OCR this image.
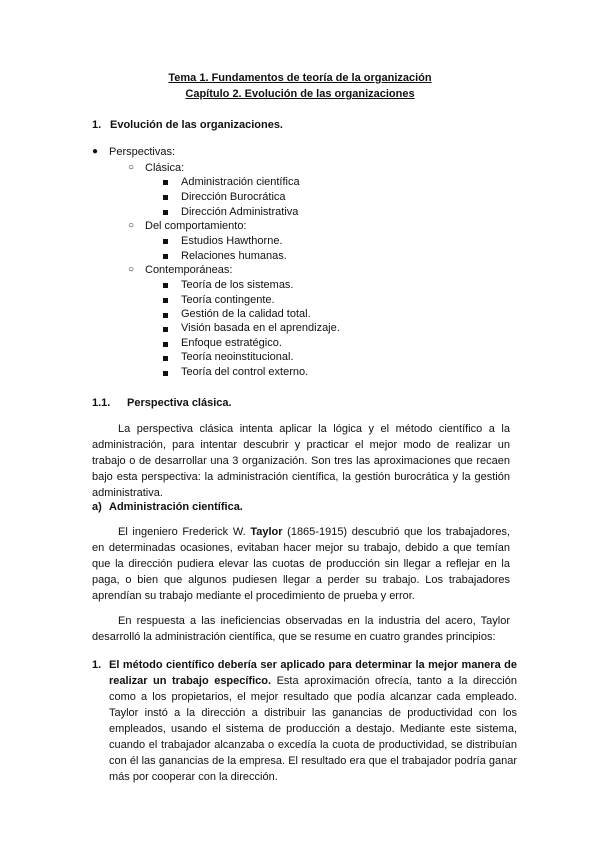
Tema 1. Fundamentos de teoría de la organización
Capítulo 2. Evolución de las organizaciones
1. Evolución de las organizaciones.
● Perspectivas:
○ Clásica:
Administración científica
Dirección Burocrática
Dirección Administrativa
○ Del comportamiento:
Estudios Hawthorne.
Relaciones humanas.
○ Contemporáneas:
Teoría de los sistemas.
Teoría contingente.
Gestión de la calidad total.
Visión basada en el aprendizaje.
Enfoque estratégico.
Teoría neoinstitucional.
Teoría del control externo.
1.1. Perspectiva clásica.
La perspectiva clásica intenta aplicar la lógica y el método científico a la administración, para intentar descubrir y practicar el mejor modo de realizar un trabajo o de desarrollar una 3 organización. Son tres las aproximaciones que recaen bajo esta perspectiva: la administración científica, la gestión burocrática y la gestión administrativa.
a) Administración científica.
El ingeniero Frederick W. Taylor (1865-1915) descubrió que los trabajadores, en determinadas ocasiones, evitaban hacer mejor su trabajo, debido a que temían que la dirección pudiera elevar las cuotas de producción sin llegar a reflejar en la paga, o bien que algunos pudiesen llegar a perder su trabajo. Los trabajadores aprendían su trabajo mediante el procedimiento de prueba y error.
En respuesta a las ineficiencias observadas en la industria del acero, Taylor desarrolló la administración científica, que se resume en cuatro grandes principios:
1. El método científico debería ser aplicado para determinar la mejor manera de realizar un trabajo específico. Esta aproximación ofrecía, tanto a la dirección como a los propietarios, el mejor resultado que podía alcanzar cada empleado. Taylor instó a la dirección a distribuir las ganancias de productividad con los empleados, usando el sistema de producción a destajo. Mediante este sistema, cuando el trabajador alcanzaba o excedía la cuota de productividad, se distribuían con él las ganancias de la empresa. El resultado era que el trabajador podría ganar más por cooperar con la dirección.
